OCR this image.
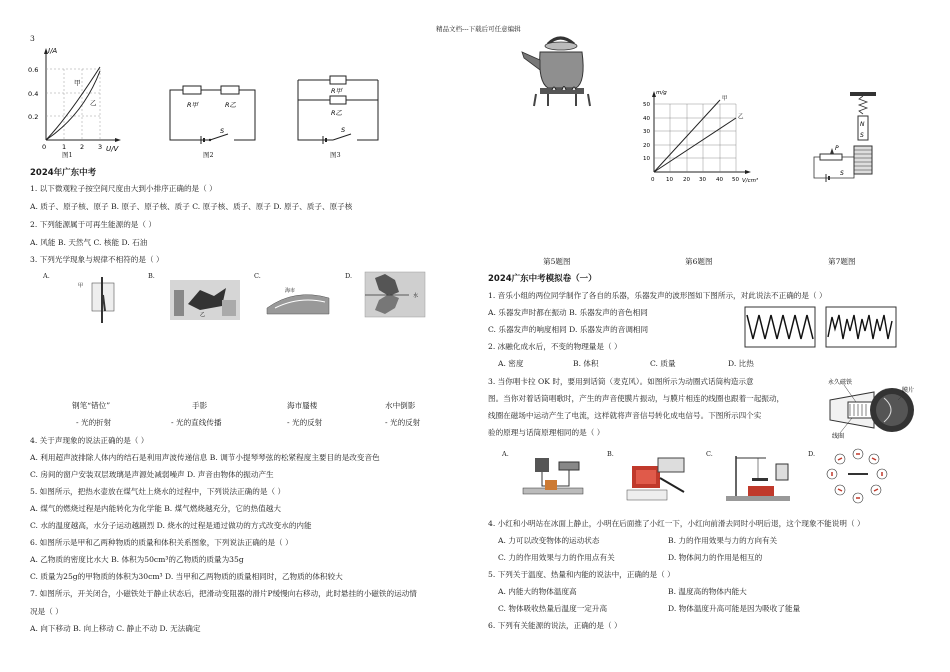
精品文档---下载后可任意编辑
3
I/A
U/V
0.6
0.4
0.2
0 1 2 3
甲
乙
图1
R甲	R乙
S
图2
R甲
R乙
S
图3
2024年广东中考
1. 以下微观粒子按空间尺度由大到小排序正确的是（ ）
A. 质子、原子核、原子 B. 原子、原子核、质子 C. 原子核、质子、原子 D. 原子、质子、原子核
2. 下列能源属于可再生能源的是（ ）
A. 风能 B. 天然气 C. 核能 D. 石油
3. 下列光学现象与规律不相符的是（ ）
A.	B.	C.	D.
甲
乙
海市
水
钢笔“错位”	手影	海市蜃楼	水中倒影
- 光的折射	- 光的直线传播	- 光的反射	- 光的反射
4. 关于声现象的说法正确的是（ ）
A. 利用超声波排除人体内的结石是利用声波传递信息 B. 调节小提琴琴弦的松紧程度主要目的是改变音色
C. 房间的窗户安装双层玻璃是声源处减弱噪声 D. 声音由物体的振动产生
5. 如图所示，把热水壶放在煤气灶上烧水的过程中，下列说法正确的是（ ）
A. 煤气的燃烧过程是内能转化为化学能 B. 煤气燃烧越充分，它的热值越大
C. 水的温度越高，水分子运动越剧烈 D. 烧水的过程是通过做功的方式改变水的内能
6. 如图所示是甲和乙两种物质的质量和体积关系图象，下列说法正确的是（ ）
A. 乙物质的密度比水大 B. 体积为50cm³的乙物质的质量为35g
C. 质量为25g的甲物质的体积为30cm³ D. 当甲和乙两物质的质量相同时，乙物质的体积较大
7. 如图所示，开关闭合，小磁铁处于静止状态后，把滑动变阻器的滑片P缓慢向右移动，此时悬挂的小磁铁的运动情
况是（ ）
A. 向下移动 B. 向上移动 C. 静止不动 D. 无法确定
m/g
V/cm³
50
40
30
20
10
0 10 20 30 40 50
甲
乙
N
S
P
S
第5题图	第6题图	第7题图
2024广东中考模拟卷（一）
1. 音乐小组的两位同学制作了各自的乐器，乐器发声的波形图如下图所示，对此说法不正确的是（ ）
A. 乐器发声时都在振动 B. 乐器发声的音色相同
C. 乐器发声的响度相同 D. 乐器发声的音调相同
2. 冰融化成水后，不变的物理量是（ ）
A. 密度	B. 体积	C. 质量	D. 比热
3. 当你唱卡拉 OK 时，要用到话筒（麦克风）。如图所示为动圈式话筒构造示意
图。当你对着话筒唱歌时，产生的声音使膜片振动，与膜片相连的线圈也跟着一起振动，
线圈在磁场中运动产生了电流，这样就将声音信号转化成电信号。下图所示四个实
验的原理与话筒原理相同的是（ ）
永久磁铁
膜片
线圈
A.	B.	C.	D.
4. 小红和小明站在冰面上静止，小明在后面推了小红一下，小红向前滑去同时小明后退，这个现象不能说明（ ）
A. 力可以改变物体的运动状态	B. 力的作用效果与力的方向有关
C. 力的作用效果与力的作用点有关	D. 物体间力的作用是相互的
5. 下列关于温度、热量和内能的说法中，正确的是（ ）
A. 内能大的物体温度高	B. 温度高的物体内能大
C. 物体吸收热量后温度一定升高	D. 物体温度升高可能是因为吸收了能量
6. 下列有关能源的说法，正确的是（ ）
